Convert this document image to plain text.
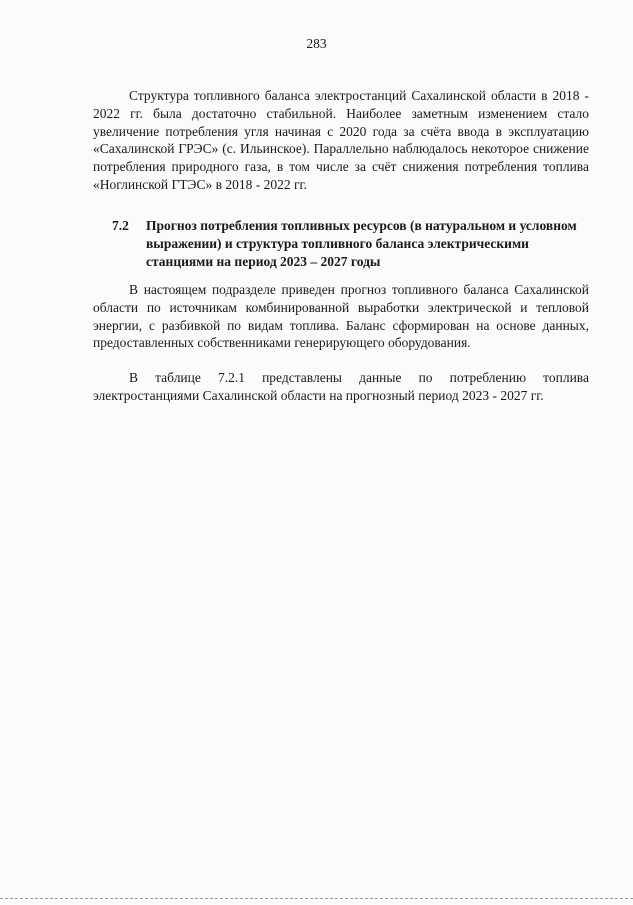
283

Структура топливного баланса электростанций Сахалинской области в 2018 - 2022 гг. была достаточно стабильной. Наиболее заметным изменением стало увеличение потребления угля начиная с 2020 года за счёта ввода в эксплуатацию «Сахалинской ГРЭС» (с. Ильинское). Параллельно наблюдалось некоторое снижение потребления природного газа, в том числе за счёт снижения потребления топлива «Ноглинской ГТЭС» в 2018 - 2022 гг.

7.2	Прогноз потребления топливных ресурсов (в натуральном и условном выражении) и структура топливного баланса электрическими станциями на период 2023 – 2027 годы

В настоящем подразделе приведен прогноз топливного баланса Сахалинской области по источникам комбинированной выработки электрической и тепловой энергии, с разбивкой по видам топлива. Баланс сформирован на основе данных, предоставленных собственниками генерирующего оборудования.

В таблице 7.2.1 представлены данные по потреблению топлива электростанциями Сахалинской области на прогнозный период 2023 - 2027 гг.
